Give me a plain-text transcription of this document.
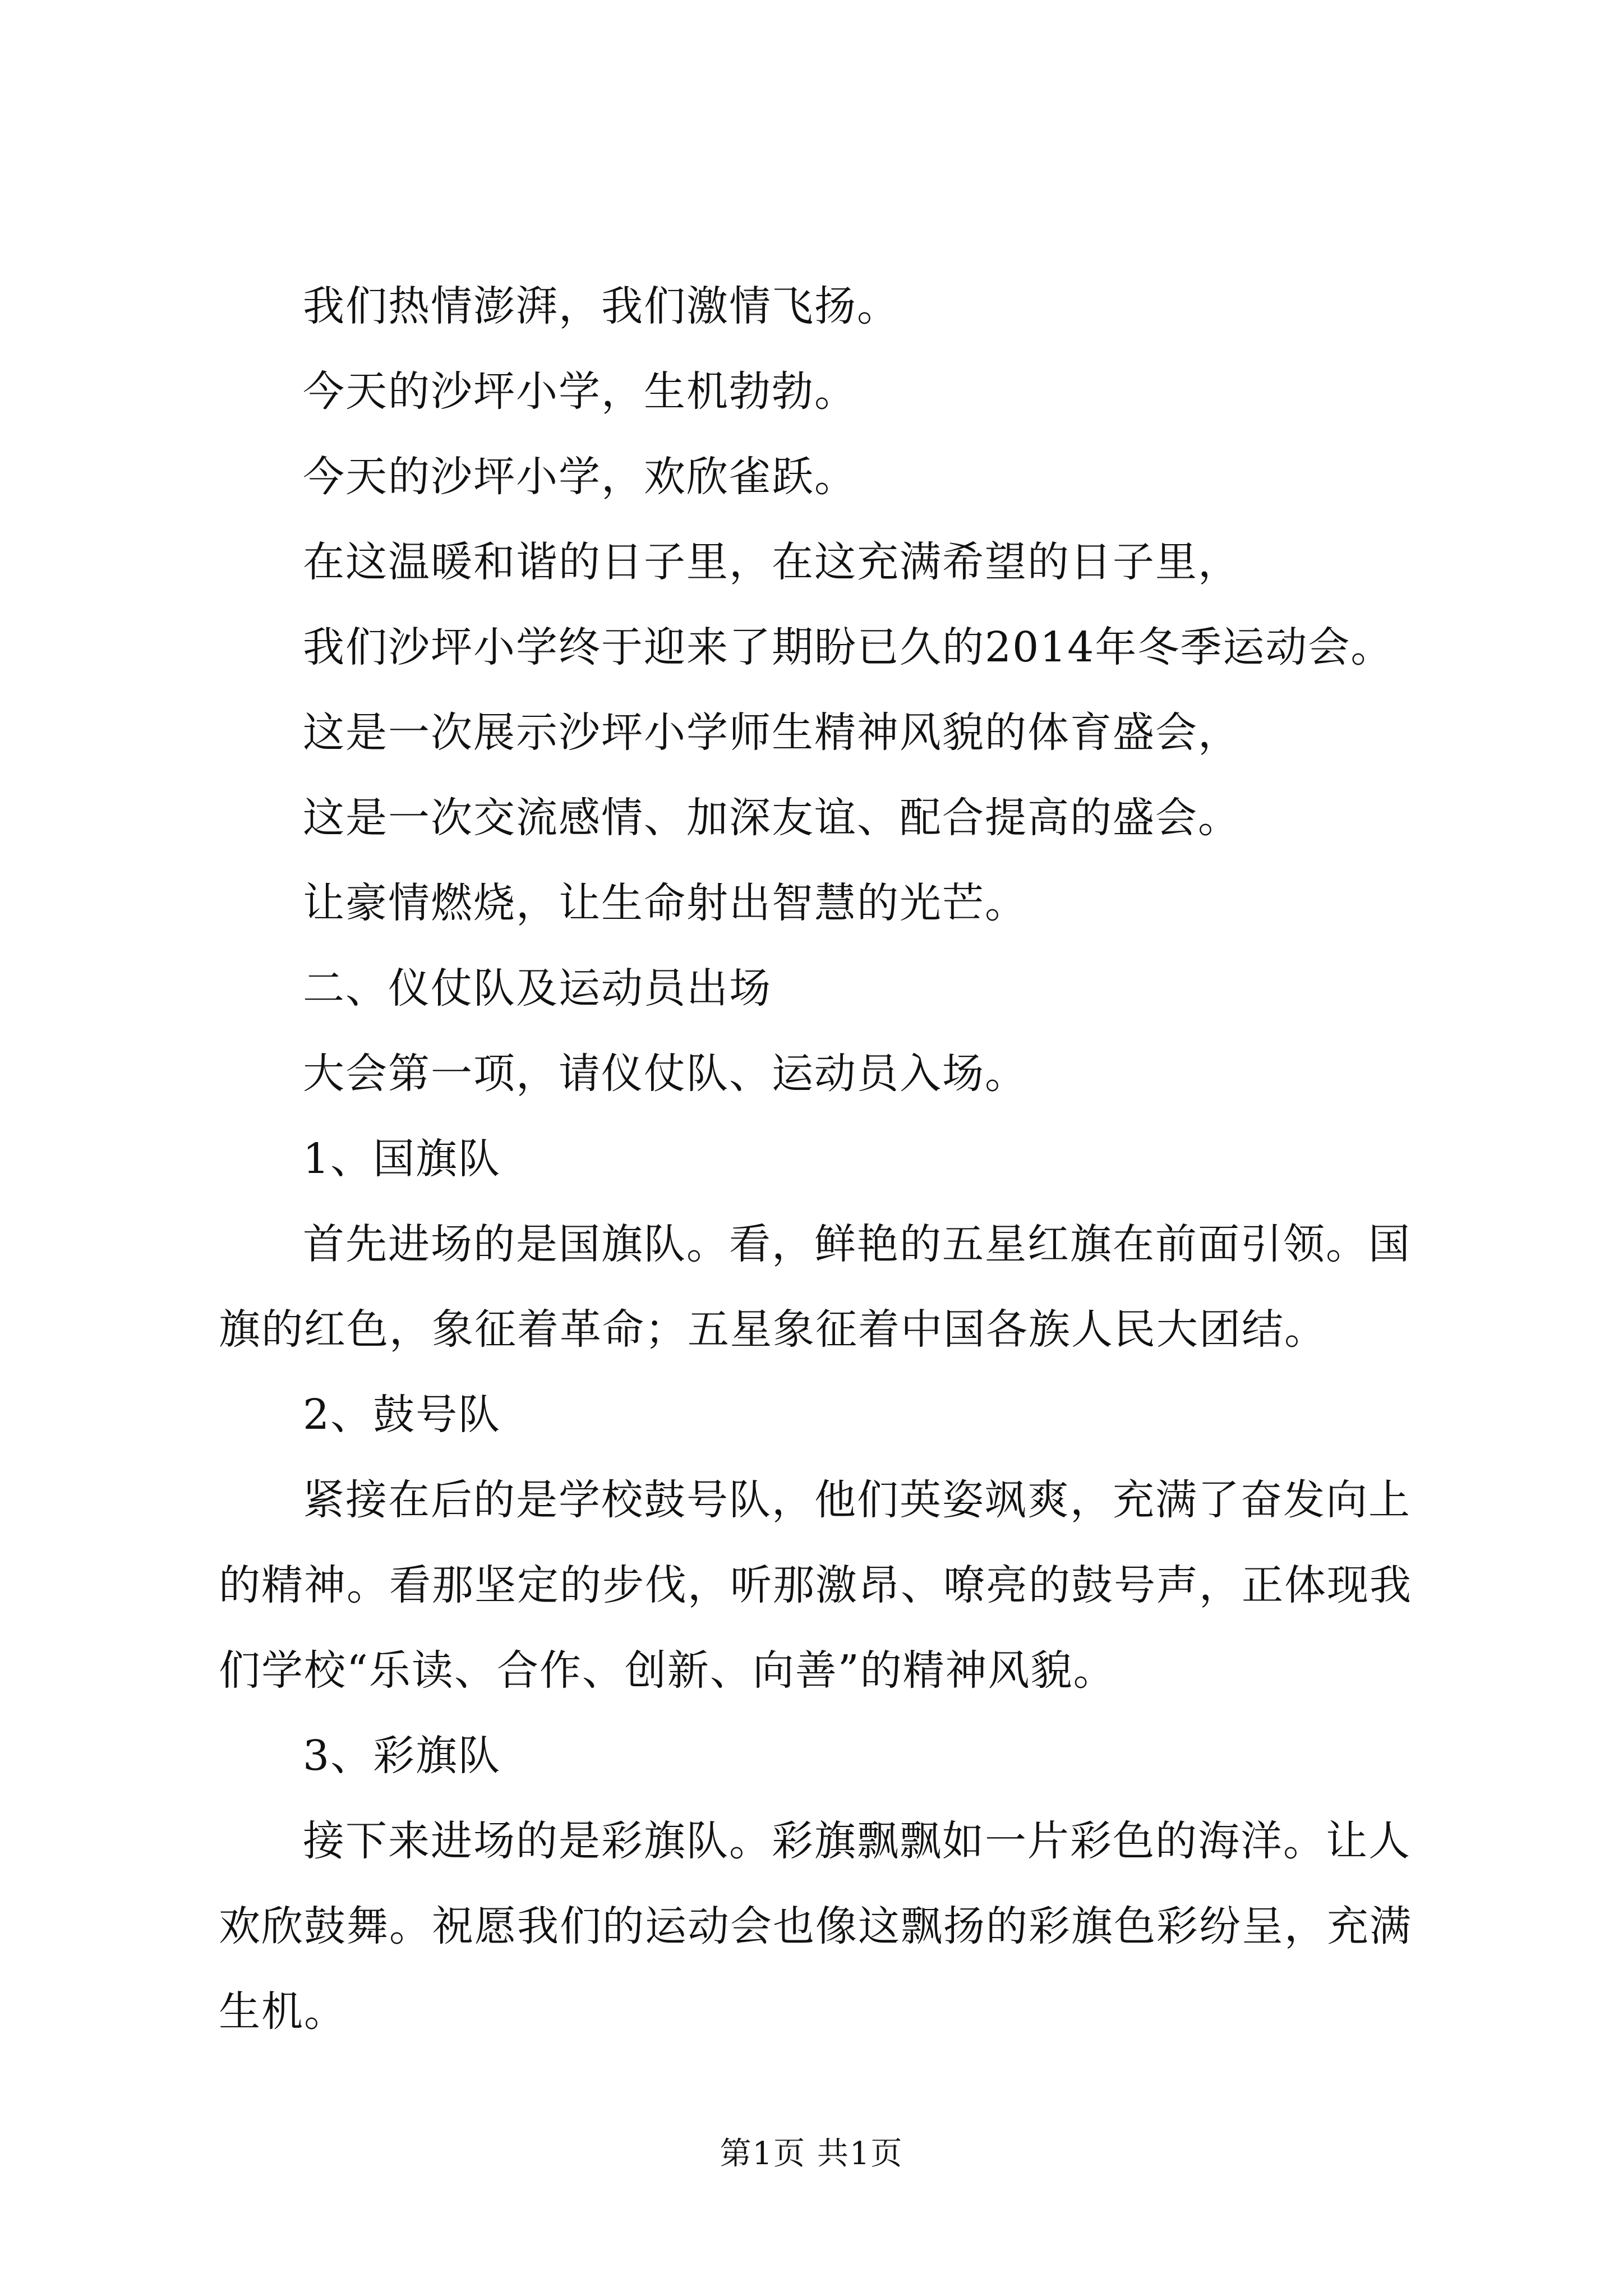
我们热情澎湃，我们激情飞扬。
今天的沙坪小学，生机勃勃。
今天的沙坪小学，欢欣雀跃。
在这温暖和谐的日子里，在这充满希望的日子里，
我们沙坪小学终于迎来了期盼已久的2014年冬季运动会。
这是一次展示沙坪小学师生精神风貌的体育盛会，
这是一次交流感情、加深友谊、配合提高的盛会。
让豪情燃烧，让生命射出智慧的光芒。
二、仪仗队及运动员出场
大会第一项，请仪仗队、运动员入场。
1、国旗队
首先进场的是国旗队。看，鲜艳的五星红旗在前面引领。国
旗的红色，象征着革命；五星象征着中国各族人民大团结。
2、鼓号队
紧接在后的是学校鼓号队，他们英姿飒爽，充满了奋发向上
的精神。看那坚定的步伐，听那激昂、嘹亮的鼓号声，正体现我
们学校“乐读、合作、创新、向善”的精神风貌。
3、彩旗队
接下来进场的是彩旗队。彩旗飘飘如一片彩色的海洋。让人
欢欣鼓舞。祝愿我们的运动会也像这飘扬的彩旗色彩纷呈，充满
生机。
第1页 共1页
